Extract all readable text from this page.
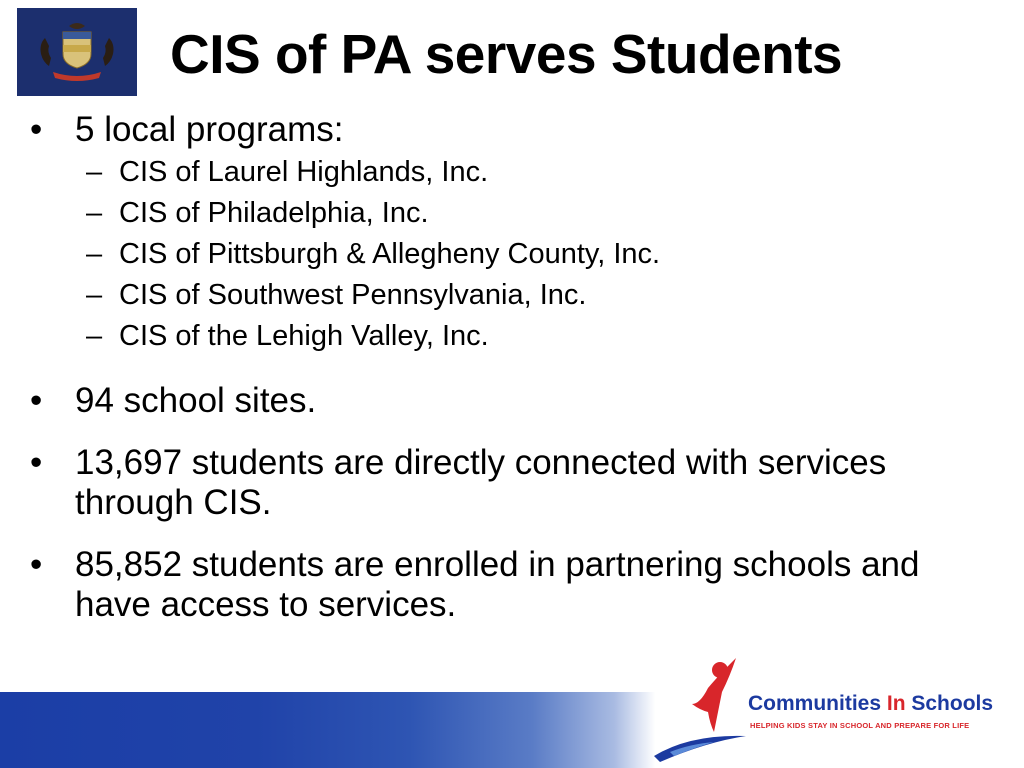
CIS of PA serves Students
• 5 local programs:
– CIS of Laurel Highlands, Inc.
– CIS of Philadelphia, Inc.
– CIS of Pittsburgh & Allegheny County, Inc.
– CIS of Southwest Pennsylvania, Inc.
– CIS of the Lehigh Valley, Inc.
• 94 school sites.
• 13,697 students are directly connected with services through CIS.
• 85,852 students are enrolled in partnering schools and have access to services.
Communities In Schools
HELPING KIDS STAY IN SCHOOL AND PREPARE FOR LIFE
